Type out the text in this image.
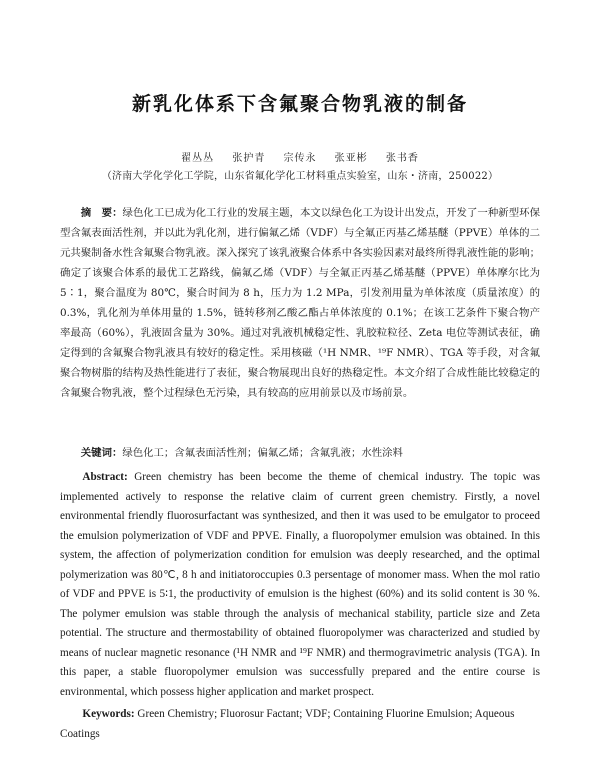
新乳化体系下含氟聚合物乳液的制备
翟丛丛 张护青 宗传永 张亚彬 张书香
（济南大学化学化工学院，山东省氟化学化工材料重点实验室，山东・济南，250022）

摘　要：绿色化工已成为化工行业的发展主题，本文以绿色化工为设计出发点，开发了一种新型环保型含氟表面活性剂，并以此为乳化剂，进行偏氟乙烯（VDF）与全氟正丙基乙烯基醚（PPVE）单体的二元共聚制备水性含氟聚合物乳液。深入探究了该乳液聚合体系中各实验因素对最终所得乳液性能的影响；确定了该聚合体系的最优工艺路线，偏氟乙烯（VDF）与全氟正丙基乙烯基醚（PPVE）单体摩尔比为 5∶1，聚合温度为 80℃，聚合时间为 8 h，压力为 1.2 MPa，引发剂用量为单体浓度（质量浓度）的 0.3%，乳化剂为单体用量的 1.5%，链转移剂乙酸乙酯占单体浓度的 0.1%；在该工艺条件下聚合物产率最高（60%），乳液固含量为 30%。通过对乳液机械稳定性、乳胶粒粒径、Zeta 电位等测试表征，确定得到的含氟聚合物乳液具有较好的稳定性。采用核磁（¹H NMR、¹⁹F NMR）、TGA 等手段，对含氟聚合物树脂的结构及热性能进行了表征，聚合物展现出良好的热稳定性。本文介绍了合成性能比较稳定的含氟聚合物乳液，整个过程绿色无污染，具有较高的应用前景以及市场前景。

关键词：绿色化工；含氟表面活性剂；偏氟乙烯；含氟乳液；水性涂料

Abstract: Green chemistry has been become the theme of chemical industry. The topic was implemented actively to response the relative claim of current green chemistry. Firstly, a novel environmental friendly fluorosurfactant was synthesized, and then it was used to be emulgator to proceed the emulsion polymerization of VDF and PPVE. Finally, a fluoropolymer emulsion was obtained. In this system, the affection of polymerization condition for emulsion was deeply researched, and the optimal polymerization was 80℃, 8 h and initiatoroccupies 0.3 persentage of monomer mass. When the mol ratio of VDF and PPVE is 5∶1, the productivity of emulsion is the highest (60%) and its solid content is 30 %. The polymer emulsion was stable through the analysis of mechanical stability, particle size and Zeta potential. The structure and thermostability of obtained fluoropolymer was characterized and studied by means of nuclear magnetic resonance (¹H NMR and ¹⁹F NMR) and thermogravimetric analysis (TGA). In this paper, a stable fluoropolymer emulsion was successfully prepared and the entire course is environmental, which possess higher application and market prospect.

Keywords: Green Chemistry; Fluorosur Factant; VDF; Containing Fluorine Emulsion; Aqueous Coatings
